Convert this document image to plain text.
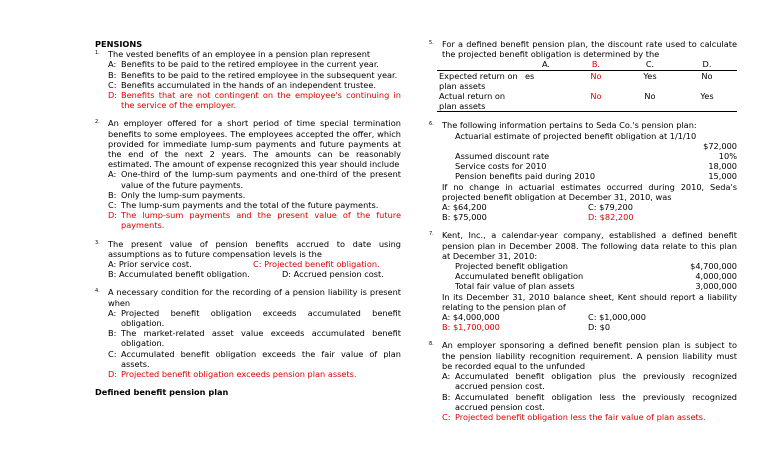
PENSIONS
1.	The vested benefits of an employee in a pension plan represent
A: Benefits to be paid to the retired employee in the current year.
B: Benefits to be paid to the retired employee in the subsequent year.
C: Benefits accumulated in the hands of an independent trustee.
D: Benefits that are not contingent on the employee's continuing in the service of the employer.
2.	An employer offered for a short period of time special termination benefits to some employees. The employees accepted the offer, which provided for immediate lump-sum payments and future payments at the end of the next 2 years. The amounts can be reasonably estimated. The amount of expense recognized this year should include
A: One-third of the lump-sum payments and one-third of the present value of the future payments.
B: Only the lump-sum payments.
C: The lump-sum payments and the total of the future payments.
D: The lump-sum payments and the present value of the future payments.
3.	The present value of pension benefits accrued to date using assumptions as to future compensation levels is the
A: Prior service cost.	C: Projected benefit obligation.
B: Accumulated benefit obligation.	D: Accrued pension cost.
4.	A necessary condition for the recording of a pension liability is present when
A: Projected benefit obligation exceeds accumulated benefit obligation.
B: The market-related asset value exceeds accumulated benefit obligation.
C: Accumulated benefit obligation exceeds the fair value of plan assets.
D: Projected benefit obligation exceeds pension plan assets.
Defined benefit pension plan
5.	For a defined benefit pension plan, the discount rate used to calculate the projected benefit obligation is determined by the
	A.	B.	C.	D.
Expected return on plan assets	es	No	Yes	No
Actual return on plan assets		No	No	Yes
6.	The following information pertains to Seda Co.'s pension plan:
Actuarial estimate of projected benefit obligation at 1/1/10
$72,000
Assumed discount rate	10%
Service costs for 2010	18,000
Pension benefits paid during 2010	15,000
If no change in actuarial estimates occurred during 2010, Seda's projected benefit obligation at December 31, 2010, was
A: $64,200	C: $79,200
B: $75,000	D: $82,200
7.	Kent, Inc., a calendar-year company, established a defined benefit pension plan in December 2008. The following data relate to this plan at December 31, 2010:
Projected benefit obligation	$4,700,000
Accumulated benefit obligation	4,000,000
Total fair value of plan assets	3,000,000
In its December 31, 2010 balance sheet, Kent should report a liability relating to the pension plan of
A: $4,000,000	C: $1,000,000
B: $1,700,000	D: $0
8.	An employer sponsoring a defined benefit pension plan is subject to the pension liability recognition requirement. A pension liability must be recorded equal to the unfunded
A: Accumulated benefit obligation plus the previously recognized accrued pension cost.
B: Accumulated benefit obligation less the previously recognized accrued pension cost.
C: Projected benefit obligation less the fair value of plan assets.
